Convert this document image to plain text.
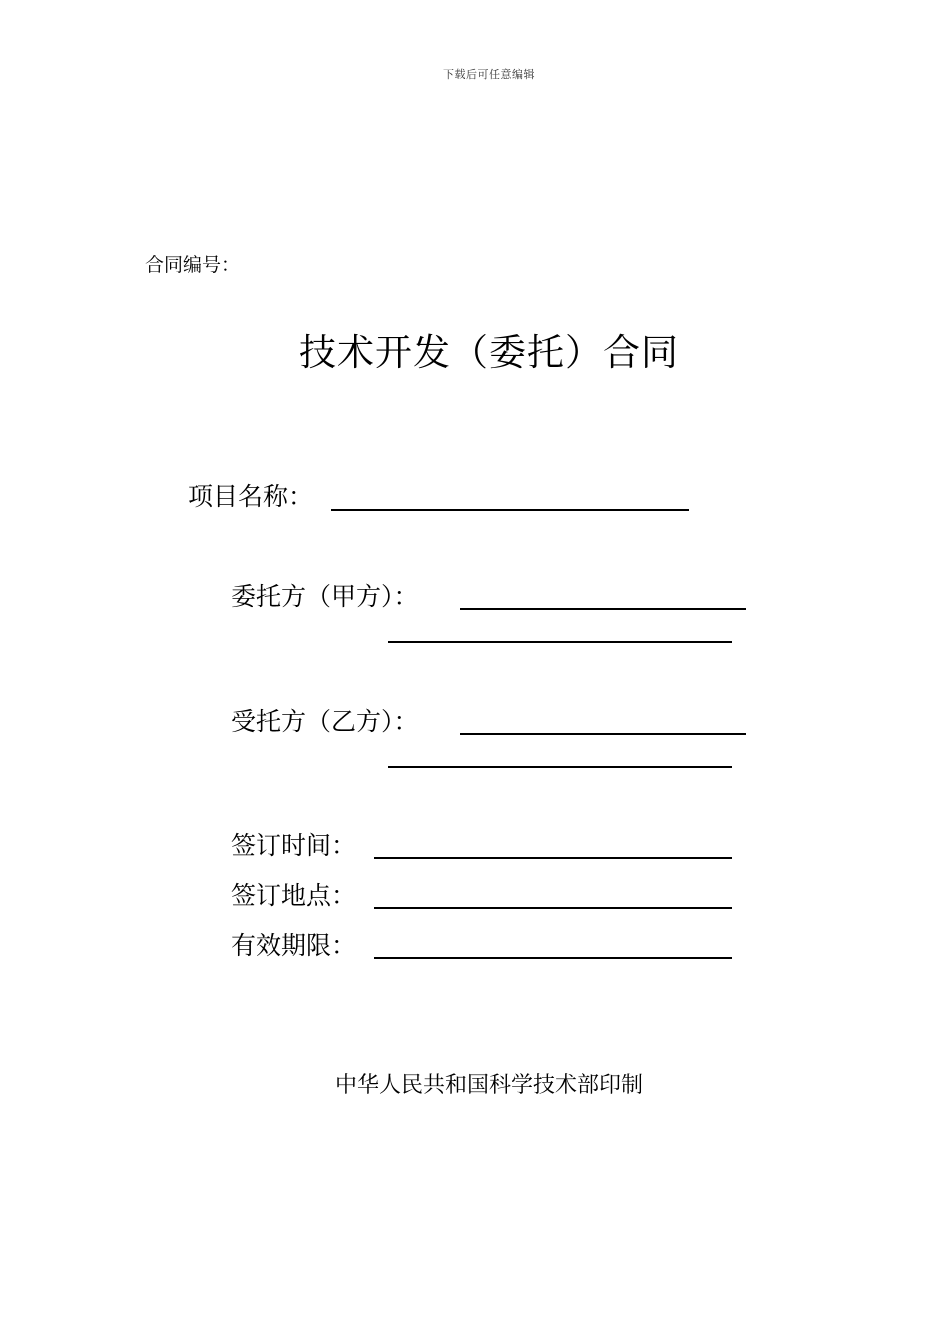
下载后可任意编辑
合同编号：
技术开发（委托）合同
项目名称：
委托方（甲方）：
受托方（乙方）：
签订时间：
签订地点：
有效期限：
中华人民共和国科学技术部印制
